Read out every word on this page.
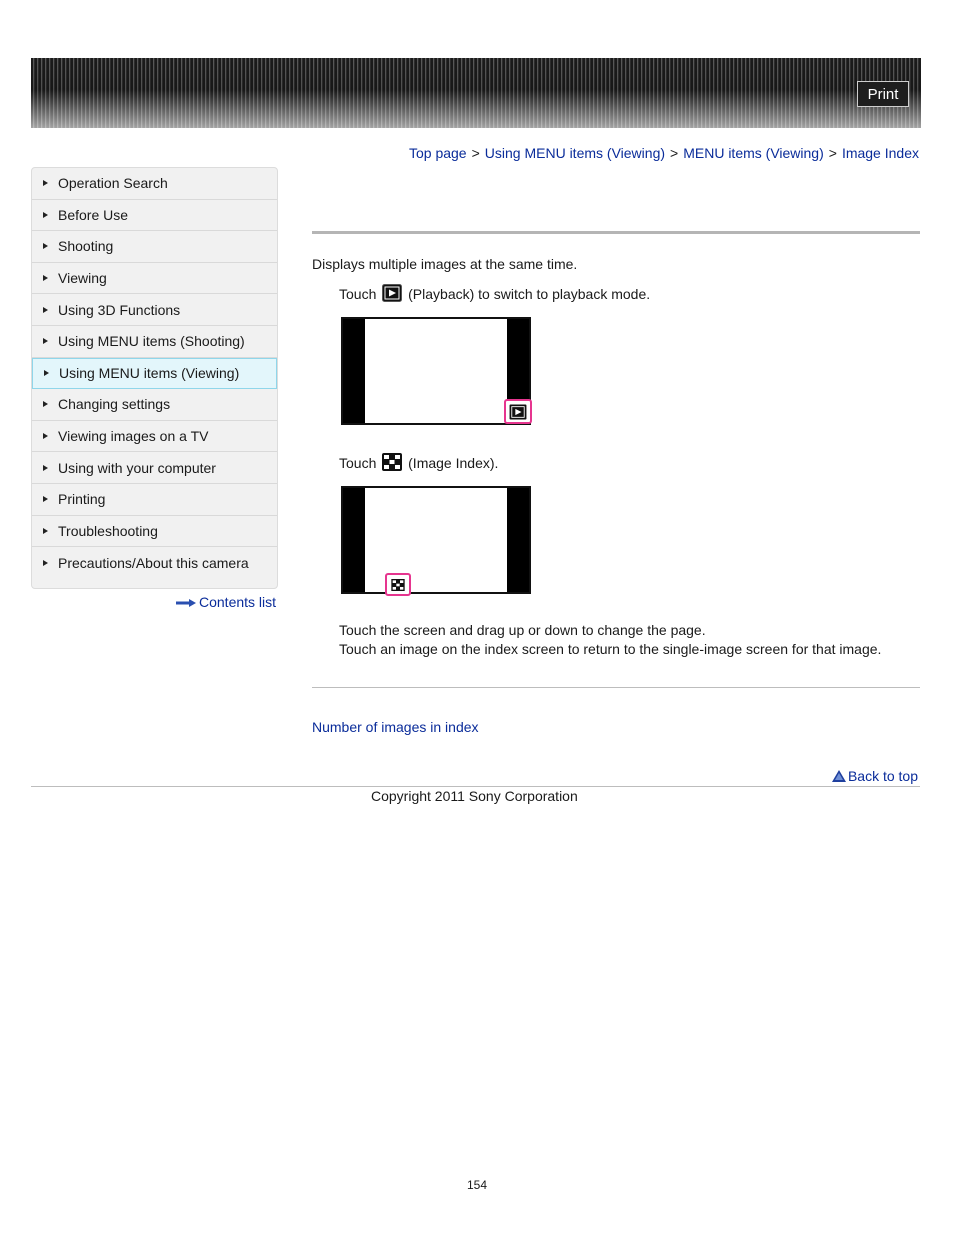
Print
Top page > Using MENU items (Viewing) > MENU items (Viewing) > Image Index
Operation Search
Before Use
Shooting
Viewing
Using 3D Functions
Using MENU items (Shooting)
Using MENU items (Viewing)
Changing settings
Viewing images on a TV
Using with your computer
Printing
Troubleshooting
Precautions/About this camera
Contents list
Displays multiple images at the same time.
Touch (Playback) to switch to playback mode.
Touch (Image Index).
Touch the screen and drag up or down to change the page.
Touch an image on the index screen to return to the single-image screen for that image.
Number of images in index
Back to top
Copyright 2011 Sony Corporation
154
